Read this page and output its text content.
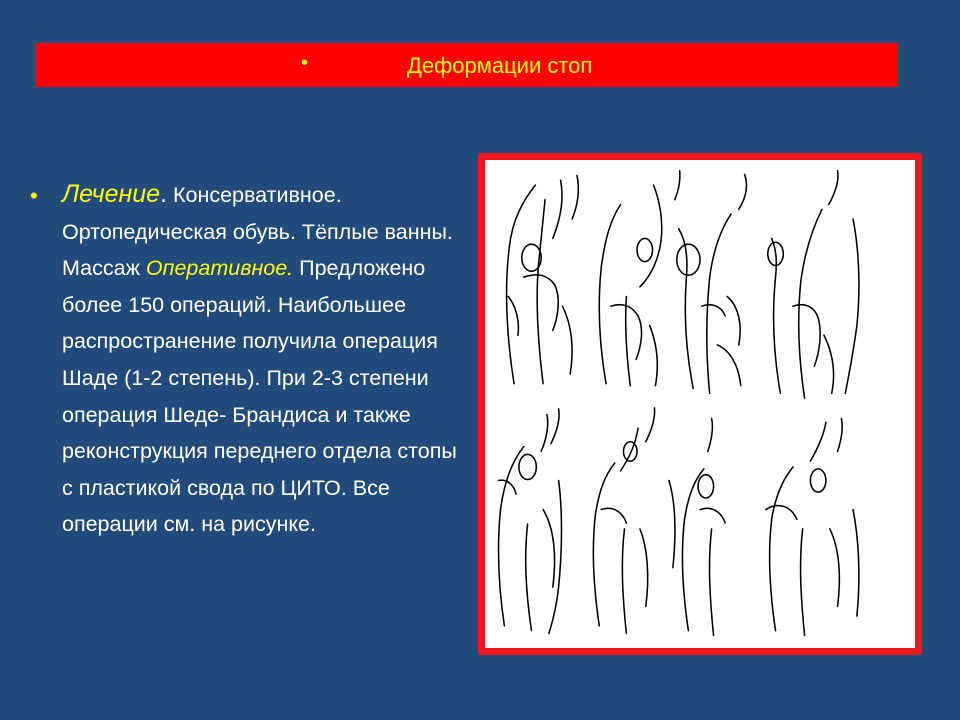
•	Деформации стоп
• Лечение. Консервативное. Ортопедическая обувь. Тёплые ванны. Массаж Оперативное. Предложено более 150 операций. Наибольшее распространение получила операция Шаде (1-2 степень). При 2-3 степени операция Шеде- Брандиса и также реконструкция переднего отдела стопы с пластикой свода по ЦИТО. Все операции см. на рисунке.
